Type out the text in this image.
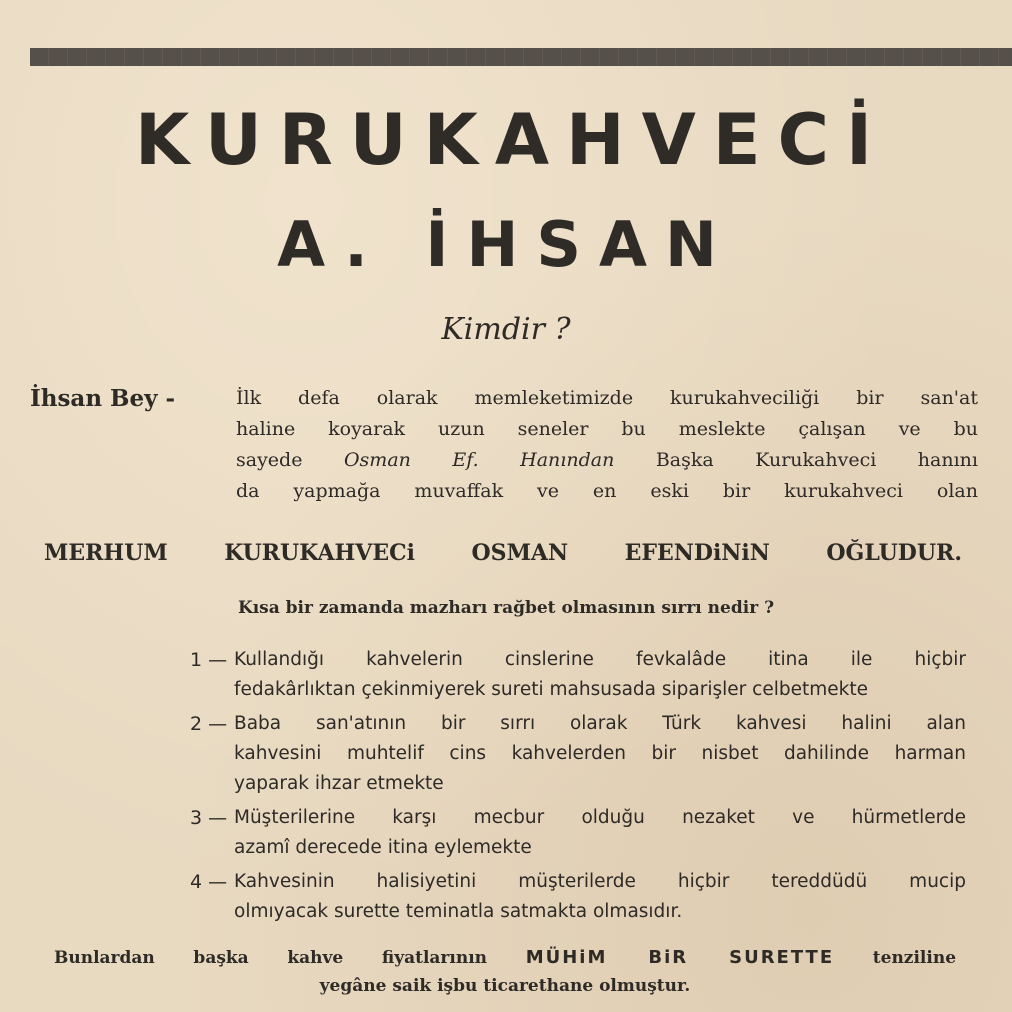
KURUKAHVECİ
A. İHSAN
Kimdir ?
İhsan Bey -	İlk defa olarak memleketimizde kurukahveciliği bir san'at
haline koyarak uzun seneler bu meslekte çalışan ve bu
sayede Osman Ef. Hanından Başka Kurukahveci hanını
da yapmağa muvaffak ve en eski bir kurukahveci olan
MERHUM KURUKAHVECi OSMAN EFENDiNiN OĞLUDUR.
Kısa bir zamanda mazharı rağbet olmasının sırrı nedir ?
1 — Kullandığı kahvelerin cinslerine fevkalâde itina ile hiçbir
fedakârlıktan çekinmiyerek sureti mahsusada siparişler celbetmekte
2 — Baba san'atının bir sırrı olarak Türk kahvesi halini alan
kahvesini muhtelif cins kahvelerden bir nisbet dahilinde harman
yaparak ihzar etmekte
3 — Müşterilerine karşı mecbur olduğu nezaket ve hürmetlerde
azamî derecede itina eylemekte
4 — Kahvesinin halisiyetini müşterilerde hiçbir tereddüdü mucip
olmıyacak surette teminatla satmakta olmasıdır.
Bunlardan başka kahve fiyatlarının MÜHiM BiR SURETTE tenziline
yegâne saik işbu ticarethane olmuştur.
